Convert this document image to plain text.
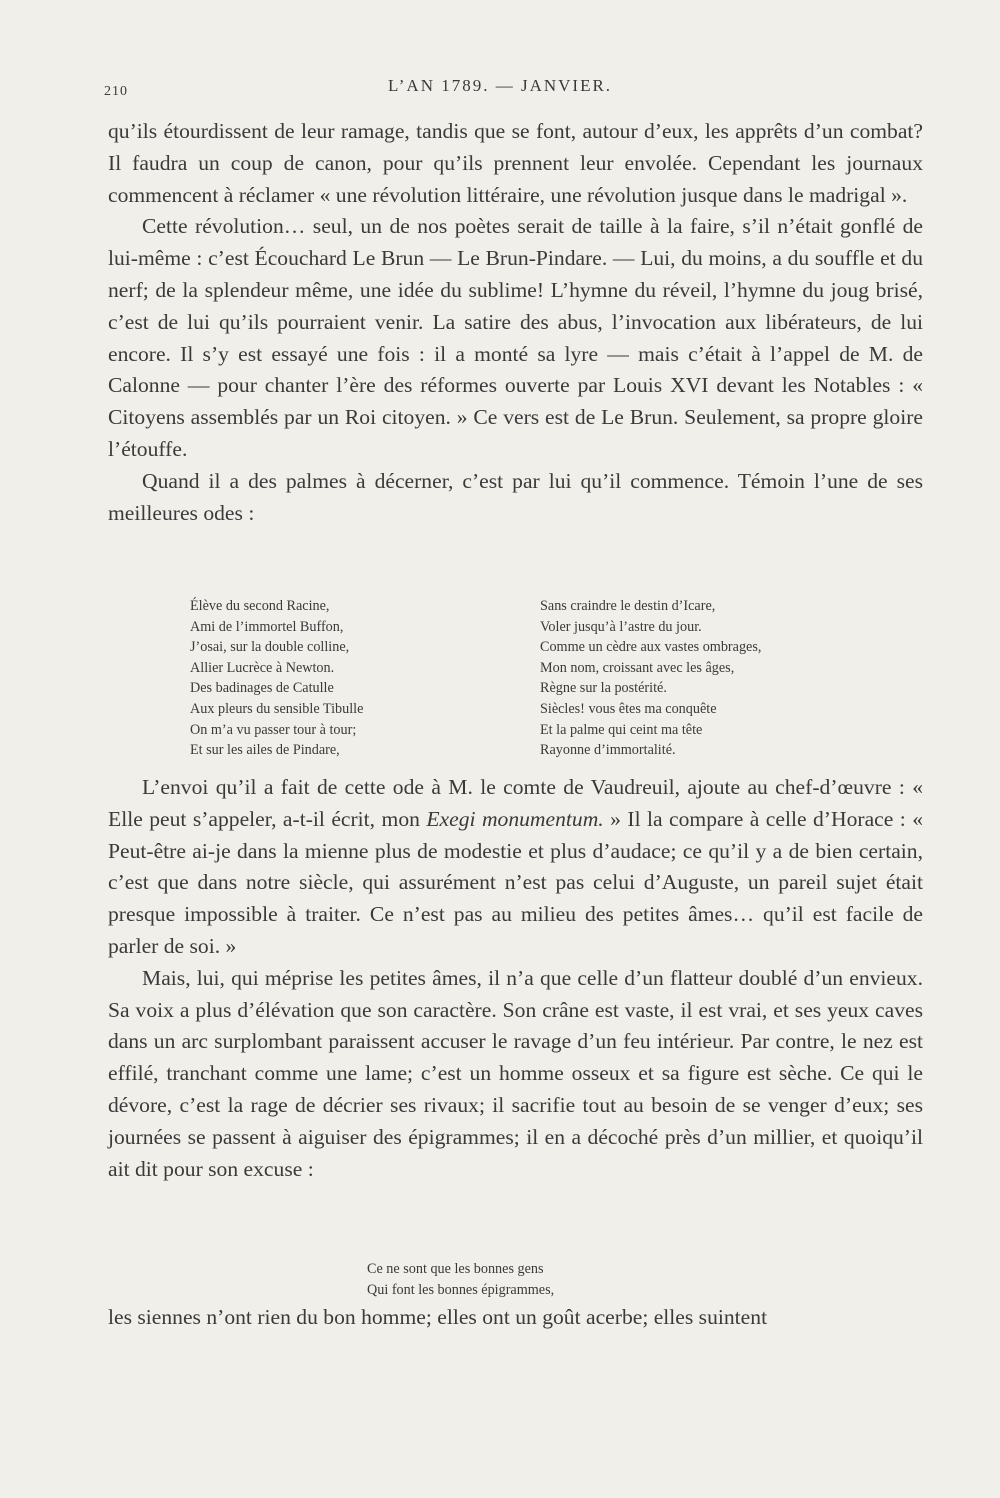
210	L’AN 1789. — JANVIER.

qu’ils étourdissent de leur ramage, tandis que se font, autour d’eux, les apprêts d’un combat? Il faudra un coup de canon, pour qu’ils prennent leur envolée. Cependant les journaux commencent à réclamer « une révolution littéraire, une révolution jusque dans le madrigal ».

Cette révolution… seul, un de nos poètes serait de taille à la faire, s’il n’était gonflé de lui-même : c’est Écouchard Le Brun — Le Brun-Pindare. — Lui, du moins, a du souffle et du nerf; de la splendeur même, une idée du sublime! L’hymne du réveil, l’hymne du joug brisé, c’est de lui qu’ils pourraient venir. La satire des abus, l’invocation aux libérateurs, de lui encore. Il s’y est essayé une fois : il a monté sa lyre — mais c’était à l’appel de M. de Calonne — pour chanter l’ère des réformes ouverte par Louis XVI devant les Notables : « Citoyens assemblés par un Roi citoyen. » Ce vers est de Le Brun. Seulement, sa propre gloire l’étouffe.

Quand il a des palmes à décerner, c’est par lui qu’il commence. Témoin l’une de ses meilleures odes :

Élève du second Racine,
Ami de l’immortel Buffon,
J’osai, sur la double colline,
Allier Lucrèce à Newton.
Des badinages de Catulle
Aux pleurs du sensible Tibulle
On m’a vu passer tour à tour;
Et sur les ailes de Pindare,
Sans craindre le destin d’Icare,
Voler jusqu’à l’astre du jour.
Comme un cèdre aux vastes ombrages,
Mon nom, croissant avec les âges,
Règne sur la postérité.
Siècles! vous êtes ma conquête
Et la palme qui ceint ma tête
Rayonne d’immortalité.

L’envoi qu’il a fait de cette ode à M. le comte de Vaudreuil, ajoute au chef-d’œuvre : « Elle peut s’appeler, a-t-il écrit, mon Exegi monumentum. » Il la compare à celle d’Horace : « Peut-être ai-je dans la mienne plus de modestie et plus d’audace; ce qu’il y a de bien certain, c’est que dans notre siècle, qui assurément n’est pas celui d’Auguste, un pareil sujet était presque impossible à traiter. Ce n’est pas au milieu des petites âmes… qu’il est facile de parler de soi. »

Mais, lui, qui méprise les petites âmes, il n’a que celle d’un flatteur doublé d’un envieux. Sa voix a plus d’élévation que son caractère. Son crâne est vaste, il est vrai, et ses yeux caves dans un arc surplombant paraissent accuser le ravage d’un feu intérieur. Par contre, le nez est effilé, tranchant comme une lame; c’est un homme osseux et sa figure est sèche. Ce qui le dévore, c’est la rage de décrier ses rivaux; il sacrifie tout au besoin de se venger d’eux; ses journées se passent à aiguiser des épigrammes; il en a décoché près d’un millier, et quoiqu’il ait dit pour son excuse :

Ce ne sont que les bonnes gens
Qui font les bonnes épigrammes,

les siennes n’ont rien du bon homme; elles ont un goût acerbe; elles suintent
